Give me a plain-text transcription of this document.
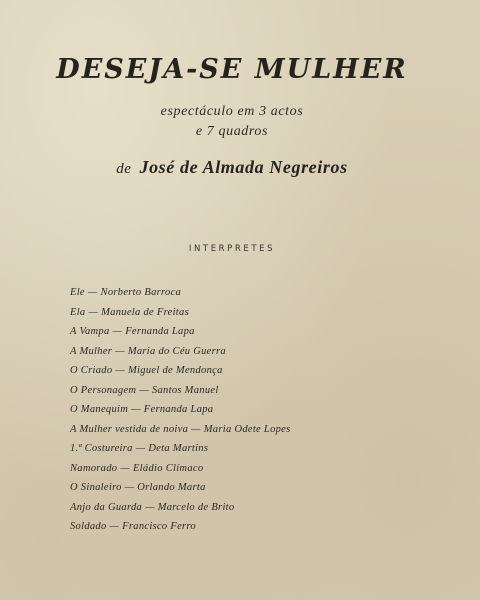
DESEJA-SE MULHER
espectáculo em 3 actos
e 7 quadros
de José de Almada Negreiros
INTERPRETES
Ele — Norberto Barroca
Ela — Manuela de Freitas
A Vampa — Fernanda Lapa
A Mulher — Maria do Céu Guerra
O Criado — Miguel de Mendonça
O Personagem — Santos Manuel
O Manequim — Fernanda Lapa
A Mulher vestida de noiva — Maria Odete Lopes
1.ª Costureira — Deta Martins
Namorado — Eládio Clímaco
O Sinaleiro — Orlando Marta
Anjo da Guarda — Marcelo de Brito
Soldado — Francisco Ferro
